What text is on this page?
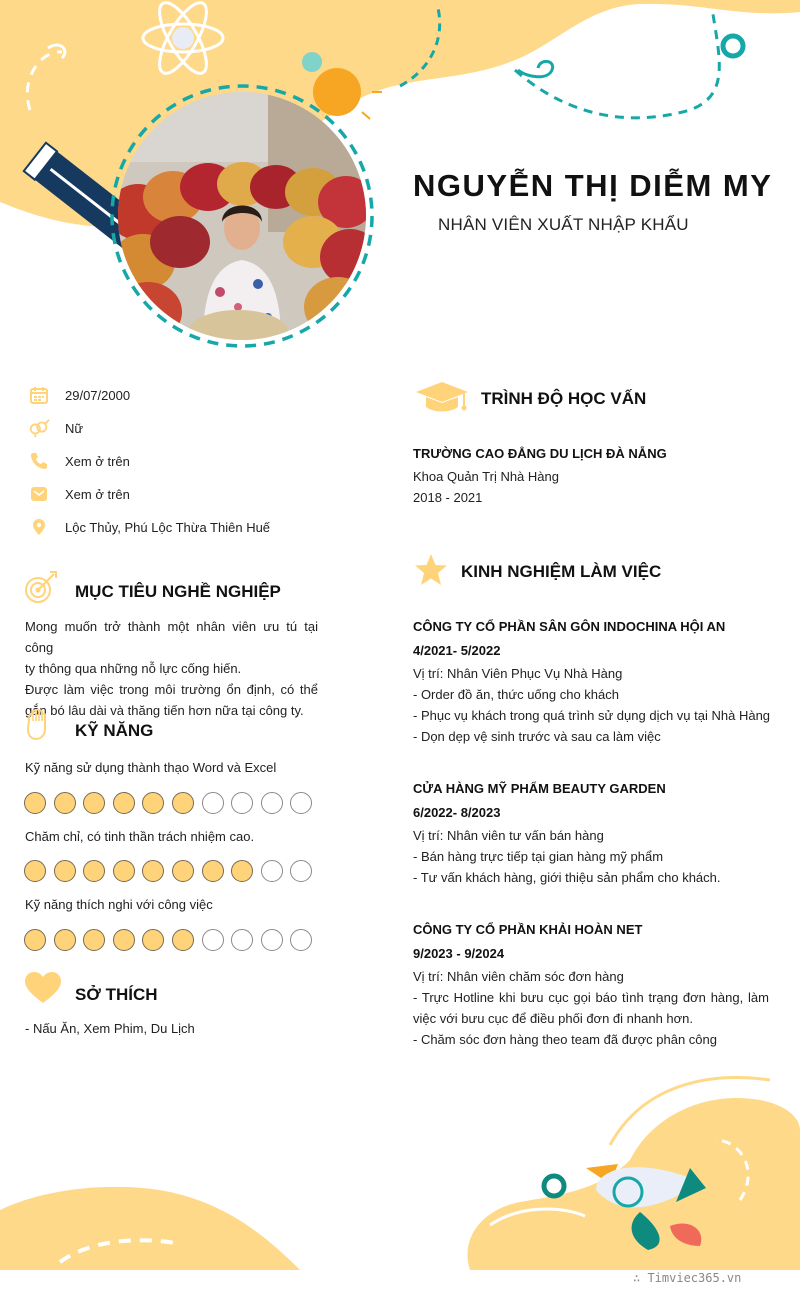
NGUYỄN THỊ DIỄM MY
NHÂN VIÊN XUẤT NHẬP KHẨU
29/07/2000
Nữ
Xem ở trên
Xem ở trên
Lộc Thủy, Phú Lộc Thừa Thiên Huế
MỤC TIÊU NGHỀ NGHIỆP
Mong muốn trở thành một nhân viên ưu tú tại công
ty thông qua những nỗ lực cống hiến.
Được làm việc trong môi trường ổn định, có thể
gắn bó lâu dài và thăng tiến hơn nữa tại công ty.
KỸ NĂNG
Kỹ năng sử dụng thành thạo Word và Excel
Chăm chỉ, có tinh thần trách nhiệm cao.
Kỹ năng thích nghi với công việc
SỞ THÍCH
- Nấu Ăn, Xem Phim, Du Lịch
TRÌNH ĐỘ HỌC VẤN
TRƯỜNG CAO ĐẲNG DU LỊCH ĐÀ NẴNG
Khoa Quản Trị Nhà Hàng
2018 - 2021
KINH NGHIỆM LÀM VIỆC
CÔNG TY CỔ PHẦN SÂN GÔN INDOCHINA HỘI AN
4/2021- 5/2022
Vị trí: Nhân Viên Phục Vụ Nhà Hàng
- Order đồ ăn, thức uống cho khách
- Phục vụ khách trong quá trình sử dụng dịch vụ tại Nhà Hàng
- Dọn dẹp vệ sinh trước và sau ca làm việc
CỬA HÀNG MỸ PHẨM BEAUTY GARDEN
6/2022- 8/2023
Vị trí: Nhân viên tư vấn bán hàng
- Bán hàng trực tiếp tại gian hàng mỹ phẩm
- Tư vấn khách hàng, giới thiệu sản phẩm cho khách.
CÔNG TY CỔ PHẦN KHẢI HOÀN NET
9/2023 - 9/2024
Vị trí: Nhân viên chăm sóc đơn hàng
- Trực Hotline khi bưu cục gọi báo tình trạng đơn hàng, làm việc với bưu cục để điều phối đơn đi nhanh hơn.
- Chăm sóc đơn hàng theo team đã được phân công
∴ Timviec365.vn
